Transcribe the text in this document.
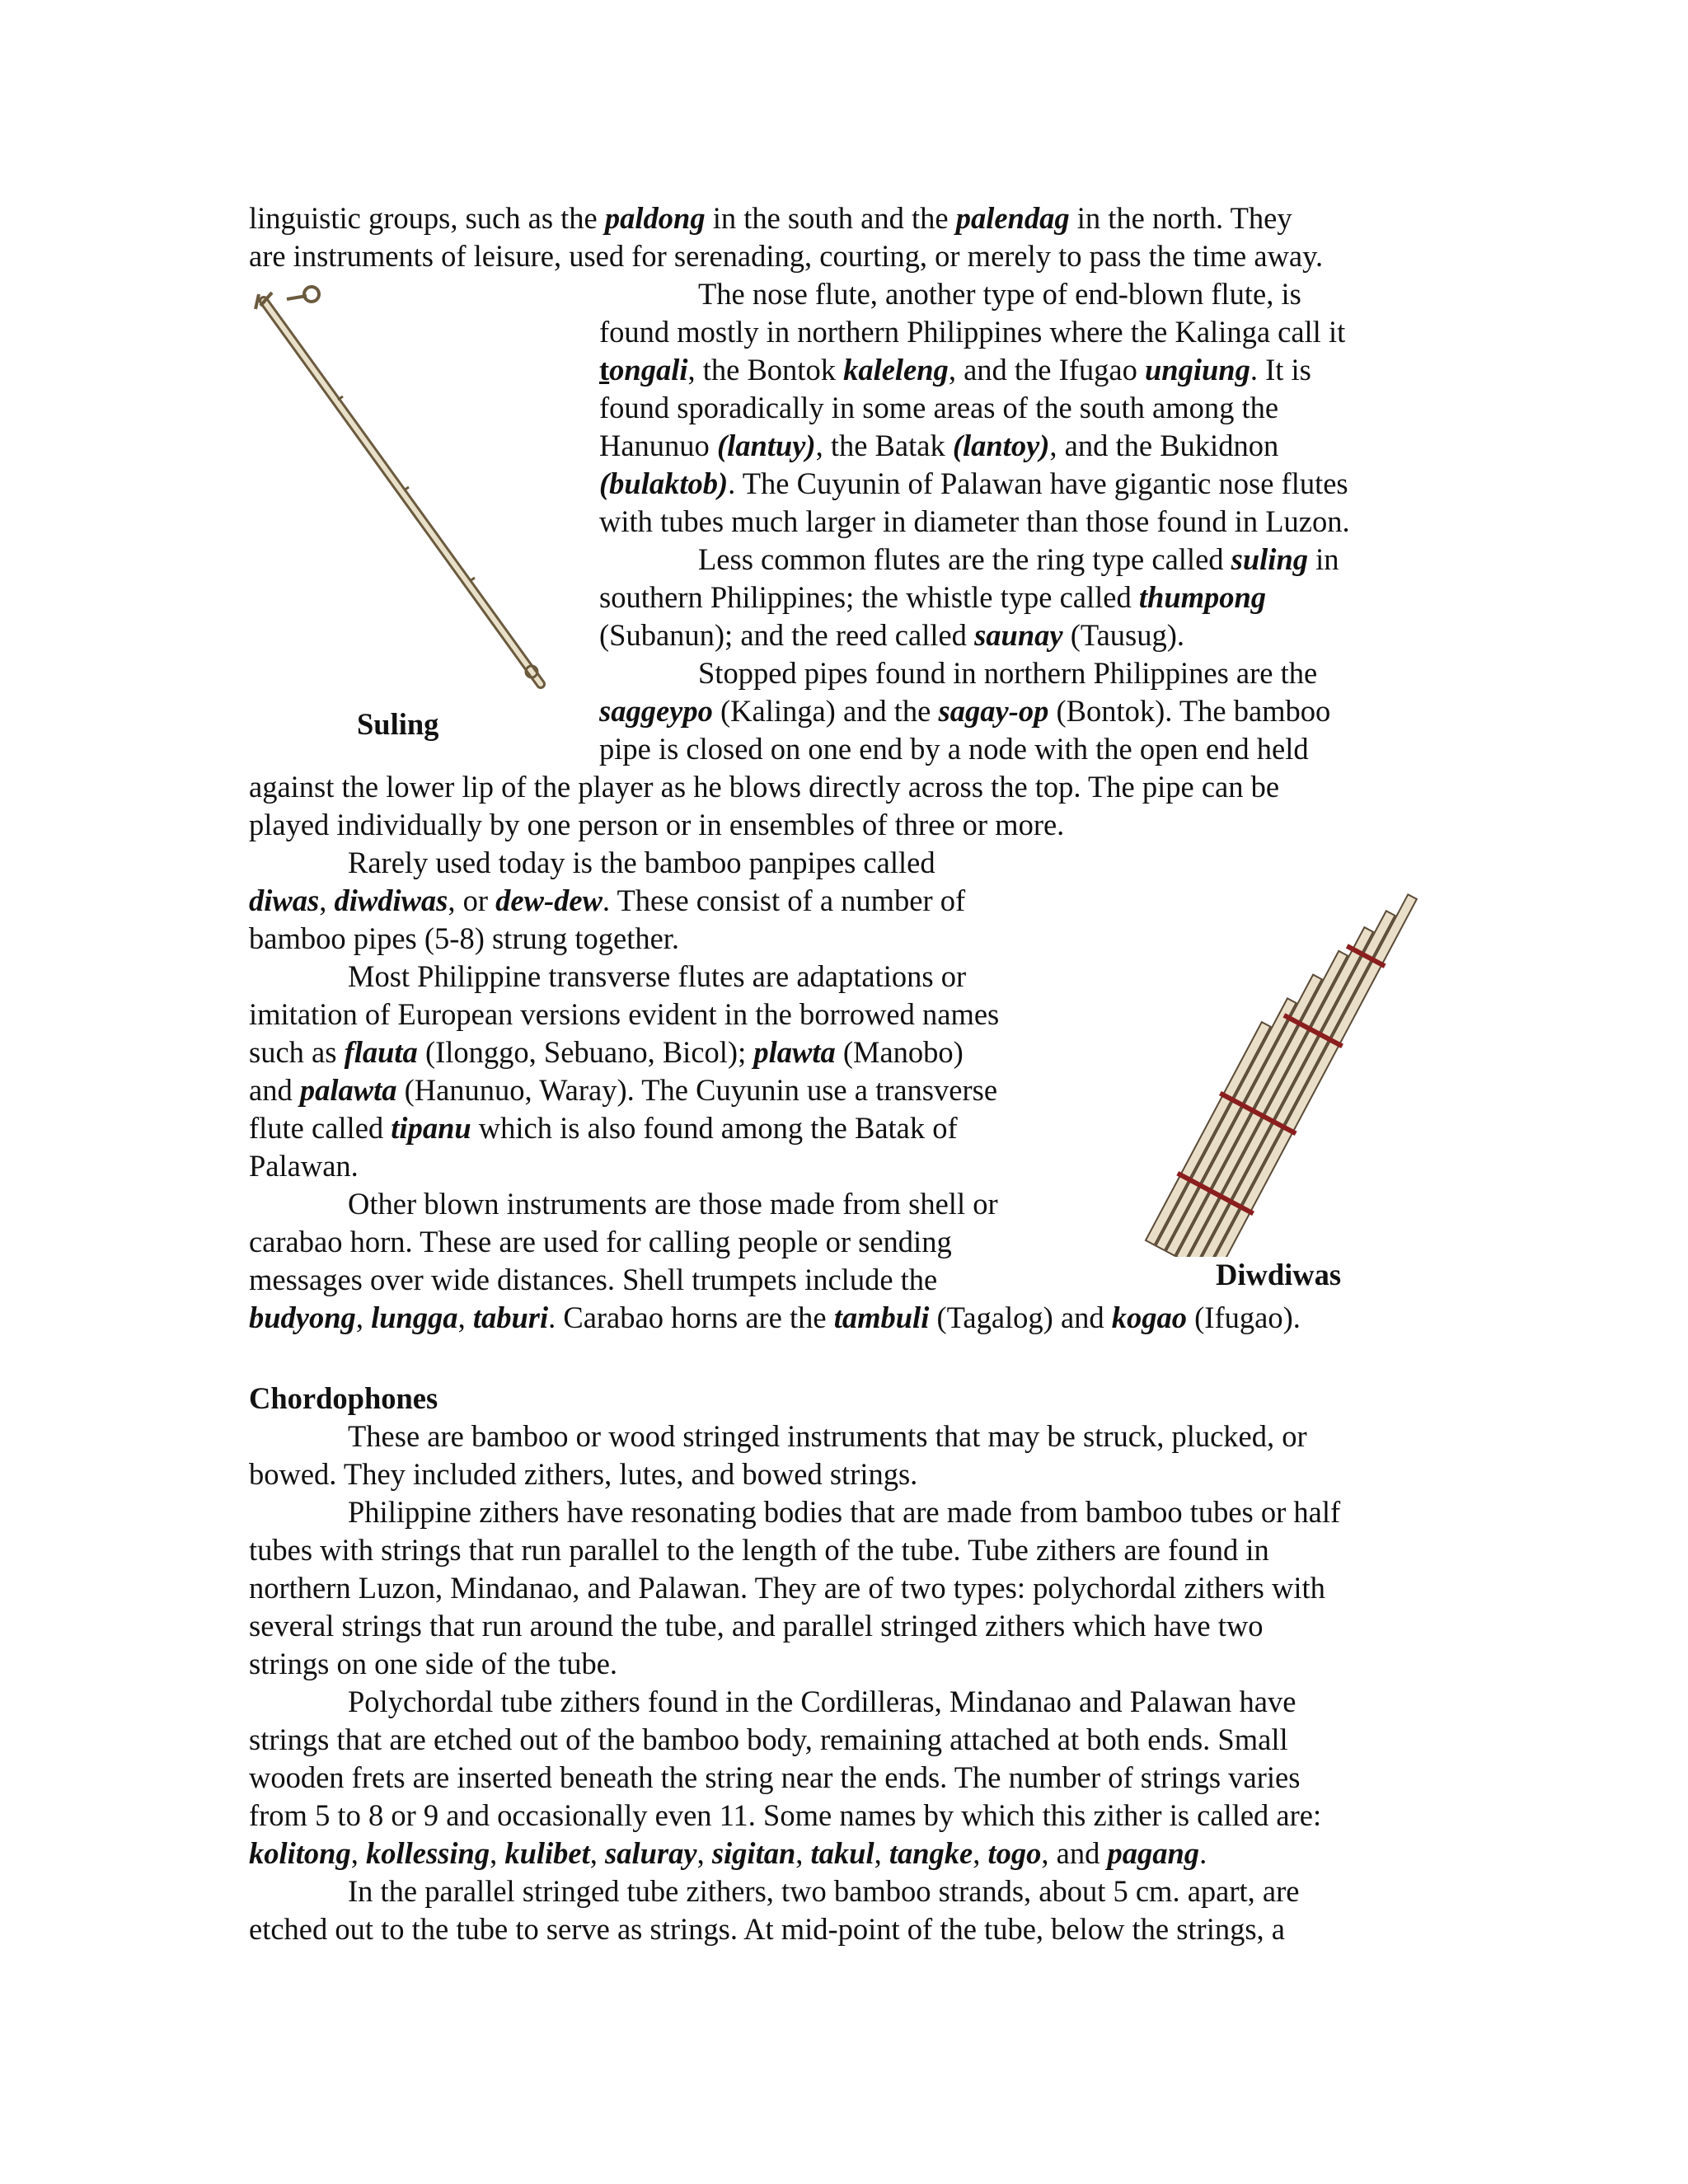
linguistic groups, such as the paldong in the south and the palendag in the north. They
are instruments of leisure, used for serenading, courting, or merely to pass the time away.
Suling
The nose flute, another type of end-blown flute, is
found mostly in northern Philippines where the Kalinga call it
tongali, the Bontok kaleleng, and the Ifugao ungiung. It is
found sporadically in some areas of the south among the
Hanunuo (lantuy), the Batak (lantoy), and the Bukidnon
(bulaktob). The Cuyunin of Palawan have gigantic nose flutes
with tubes much larger in diameter than those found in Luzon.
Less common flutes are the ring type called suling in
southern Philippines; the whistle type called thumpong
(Subanun); and the reed called saunay (Tausug).
Stopped pipes found in northern Philippines are the
saggeypo (Kalinga) and the sagay-op (Bontok). The bamboo
pipe is closed on one end by a node with the open end held
against the lower lip of the player as he blows directly across the top. The pipe can be
played individually by one person or in ensembles of three or more.
Rarely used today is the bamboo panpipes called
diwas, diwdiwas, or dew-dew. These consist of a number of
bamboo pipes (5-8) strung together.
Most Philippine transverse flutes are adaptations or
imitation of European versions evident in the borrowed names
such as flauta (Ilonggo, Sebuano, Bicol); plawta (Manobo)
and palawta (Hanunuo, Waray). The Cuyunin use a transverse
flute called tipanu which is also found among the Batak of
Palawan.
Diwdiwas
Other blown instruments are those made from shell or
carabao horn. These are used for calling people or sending
messages over wide distances. Shell trumpets include the
budyong, lungga, taburi. Carabao horns are the tambuli (Tagalog) and kogao (Ifugao).
Chordophones
These are bamboo or wood stringed instruments that may be struck, plucked, or
bowed. They included zithers, lutes, and bowed strings.
Philippine zithers have resonating bodies that are made from bamboo tubes or half
tubes with strings that run parallel to the length of the tube. Tube zithers are found in
northern Luzon, Mindanao, and Palawan. They are of two types: polychordal zithers with
several strings that run around the tube, and parallel stringed zithers which have two
strings on one side of the tube.
Polychordal tube zithers found in the Cordilleras, Mindanao and Palawan have
strings that are etched out of the bamboo body, remaining attached at both ends. Small
wooden frets are inserted beneath the string near the ends. The number of strings varies
from 5 to 8 or 9 and occasionally even 11. Some names by which this zither is called are:
kolitong, kollessing, kulibet, saluray, sigitan, takul, tangke, togo, and pagang.
In the parallel stringed tube zithers, two bamboo strands, about 5 cm. apart, are
etched out to the tube to serve as strings. At mid-point of the tube, below the strings, a
